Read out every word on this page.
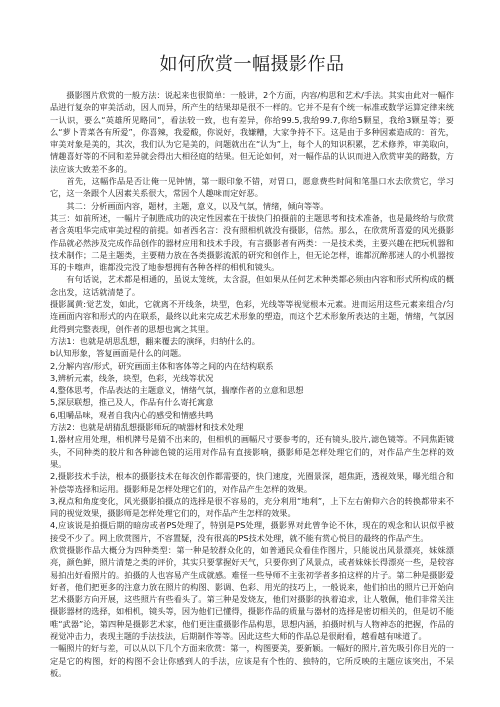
如何欣赏一幅摄影作品

摄影图片欣赏的一般方法：说起来也很简单：一般讲，2个方面，内容/构思和艺术/手法。其实由此对一幅作品进行复杂的审美活动，因人而异，所产生的结果却是很不一样的。它并不是有个统一标准或数学运算定律来统一认识，要么“英雄所见略同”，看法较一致，也有差异，你给99.5,我给99.7,你给5颗星，我给3颗星等；要么“萝卜青菜各有所爱”，你喜辣，我爱酸，你说好，我嫌糟，大家争持不下。这是由于多种因素造成的：首先，审美对象是美的，其次，我们认为它是美的，问题就出在“认为”上，每个人的知识积累，艺术修养，审美取向，情趣喜好等的不同和差异就会得出大相径庭的结果。但无论如何，对一幅作品的认识而进入欣赏审美的路数，方法应该大致差不多的。

首先，这幅作品是否让俺一见钟情，第一眼印象不错，对胃口，愿意费些时间和笔墨口水去欣赏它，学习它，这一条跟个人因素关系很大，常因个人趣味而定好恶。

其二：分析画面内容，题材，主题，意义，以及气氛，情绪，倾向等等。

其三：如前所述，一幅片子制胜成功的决定性因素在于拔快门拍摄前的主题思考和技术准备，也是最终给与欣赏者含英咀华完成审美过程的前提。如者西名言：没有照相机就没有摄影，信然。那么，在欣赏所喜爱的风光摄影作品就必然涉及完成作品创作的器材应用和技术手段，有言摄影者有两类：一是技术类，主要兴趣在把玩机器和技术制作；二是主题类，主要精力放在各类摄影流派的研究和创作上，但无论怎样，谁都沉醉那迷人的小机器按耳的卡嚓声，谁都没完没了地参想拥有各种各样的相机和镜头。

有句话说，艺术都是相通的，虽说太笼统，太含混，但如果从任何艺术种类都必须由内容和形式所构成的概念出发，这话就清楚了。

摄影属黄:觉艺发，如此，它就离不开线条，块型，色彩，光线等等视觉根本元素。进而运用这些元素来组合/匀连画面内容和形式的内在联系，最终以此来完成艺术形象的塑造，而这个艺术形象所表达的主题，情绪，气氛因此得到完整表现，创作者的思想也寓之其里。

方法1：也就是胡思乱想，翻来覆去的演绎，归纳什么的。

b认知形象，答复画面是什么的问题。

2,分解内容/形式，研究画面主体和客体等之间的内在结构联系

3,辨析元素，线条，块型，色彩，光线等状况

4,整体思考，作品表达的主题意义，情绪气氛，揣摩作者的立意和思想

5,深层联想，推己及人，作品有什么寄托寓意

6,咀嚼品味，观者自我内心的感受和情感共鸣

方法2：也就是胡猜乱想摄影师玩的唬器材和技术处理

1,器材应用处理，相机牌号是猜不出来的，但相机的画幅尺寸要参考的，还有镜头,胶片,滤色镜等。不同焦距镜头，不同种类的胶片和各种滤色镜的运用对作品有直接影响，摄影师是怎样处理它们的，对作品产生怎样的效果。

2,摄影技术手法，根本的摄影技术在每次创作都需要的，快门速度，光圈景深，超焦距，透视效果，曝光组合和补偿等选择和运用。摄影师是怎样处理它们的，对作品产生怎样的效果。

3,视点和角度变化，风光摄影拍摄点的选择是很不容易的，充分利用“地利”，上下左右俯仰六合的转换都带来不同的视觉效果，摄影师是怎样处理它们的，对作品产生怎样的效果。

4,应该说是拍摄后期的暗房或者PS处理了，特别是PS处理，摄影界对此曾争论不休，现在的观念和认识似乎被接受不少了。网上欣赏图片，不容置疑，没有很高的PS技术处理，就不能有赏心悦目的最终的作品产生。

欣赏摄影作品大概分为四种类型：第一种是较群众化的，如普通民众看佳作图片，只能说出风景漂亮，妹妹漂亮，颜色鲜，照片清楚之类的评价，其实只要掌握好天气，只要你到了风景点，或者妹妹长得漂亮一些，是较容易拍出好看照片的。拍摄的人也容易产生成就感。难怪一些导师不主张初学者多拍这样的片子。第二种是摄影爱好者，他们把更多的注意力放在照片的构图、影调、色彩、用光的技巧上，一般说来，他们拍出的照片已开始向艺术摄影方向开展，这些照片有些看头了。第三种是发烧友，他们对摄影的执着追求，让人敬佩，他们非常关注摄影器材的选择，如相机，镜头等，因为他们已懂得，摄影作品的质量与器材的选择是密切相关的，但是切不能唯“武器”论，第四种是摄影艺术家，他们更注重摄影作品构思，思想内涵，拍摄时机与人物神态的把握，作品的视觉冲击力，表现主题的手法技法，后期制作等等。因此这些大师的作品总是很耐看，越看越有味道了。

一幅照片的好与差，可以从以下几个方面来欣赏：第一，构图要美，要新颖。一幅好的照片,首先吸引你目光的一定是它的构图，好的构图不会让你感到人的手法，应该是有个性的、独特的，它所反映的主题应该突出，不呆板。
